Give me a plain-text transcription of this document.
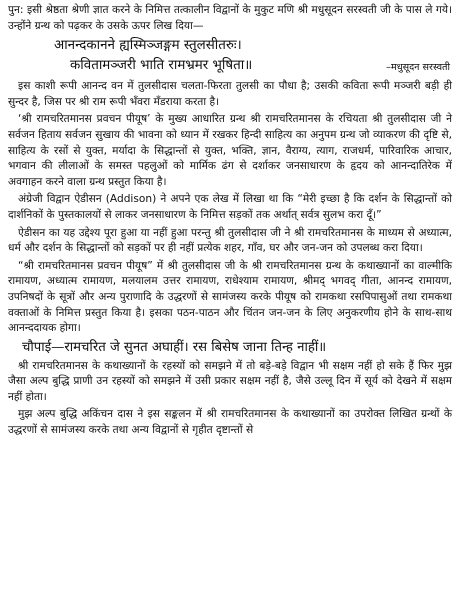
पुन: इसी श्रेष्ठता श्रेणी ज्ञात करने के निमित्त तत्कालीन विद्वानों के मुकुट मणि श्री मधुसूदन सरस्वती जी के पास ले गये। उन्होंने ग्रन्थ को पढ़कर के उसके ऊपर लिख दिया—

आनन्दकानने ह्यस्मिञ्जङ्गम स्तुलसीतरुः।
कवितामञ्जरी भाति रामभ्रमर भूषिता॥	–मधुसूदन सरस्वती

इस काशी रूपी आनन्द वन में तुलसीदास चलता-फिरता तुलसी का पौधा है; उसकी कविता रूपी मञ्जरी बड़ी ही सुन्दर है, जिस पर श्री राम रूपी भँवरा मँडराया करता है।

‘श्री रामचरितमानस प्रवचन पीयूष’ के मुख्य आधारित ग्रन्थ श्री रामचरितमानस के रचियता श्री तुलसीदास जी ने सर्वजन हिताय सर्वजन सुखाय की भावना को ध्यान में रखकर हिन्दी साहित्य का अनुपम ग्रन्थ जो व्याकरण की दृष्टि से, साहित्य के रसों से युक्त, मर्यादा के सिद्धान्तों से युक्त, भक्ति, ज्ञान, वैराग्य, त्याग, राजधर्म, पारिवारिक आचार, भगवान की लीलाओं के समस्त पहलुओं को मार्मिक ढंग से दर्शाकर जनसाधारण के हृदय को आनन्दातिरेक में अवगाहन करने वाला ग्रन्थ प्रस्तुत किया है।

अंग्रेजी विद्वान ऐडीसन (Addison) ने अपने एक लेख में लिखा था कि “मेरी इच्छा है कि दर्शन के सिद्धान्तों को दार्शनिकों के पुस्तकालयों से लाकर जनसाधारण के निमित्त सड़कों तक अर्थात् सर्वत्र सुलभ करा दूँ।”

ऐडीसन का यह उद्देश्य पूरा हुआ या नहीं हुआ परन्तु श्री तुलसीदास जी ने श्री रामचरितमानस के माध्यम से अध्यात्म, धर्म और दर्शन के सिद्धान्तों को सड़कों पर ही नहीं प्रत्येक शहर, गाँव, घर और जन-जन को उपलब्ध करा दिया।

“श्री रामचरितमानस प्रवचन पीयूष” में श्री तुलसीदास जी के श्री रामचरितमानस ग्रन्थ के कथाख्यानों का वाल्मीकि रामायण, अध्यात्म रामायण, मलयालम उत्तर रामायण, राधेश्याम रामायण, श्रीमद् भगवद् गीता, आनन्द रामायण, उपनिषदों के सूत्रों और अन्य पुराणादि के उद्धरणों से सामंजस्य करके पीयूष को रामकथा रसपिपासुओं तथा रामकथा वक्ताओं के निमित्त प्रस्तुत किया है। इसका पठन-पाठन और चिंतन जन-जन के लिए अनुकरणीय होने के साथ-साथ आनन्ददायक होगा।

चौपाई—रामचरित जे सुनत अघाहीं। रस बिसेष जाना तिन्ह नाहीं॥

श्री रामचरितमानस के कथाख्यानों के रहस्यों को समझने में तो बड़े-बड़े विद्वान भी सक्षम नहीं हो सके हैं फिर मुझ जैसा अल्प बुद्धि प्राणी उन रहस्यों को समझने में उसी प्रकार सक्षम नहीं है, जैसे उल्लू दिन में सूर्य को देखने में सक्षम नहीं होता।

मुझ अल्प बुद्धि अकिंचन दास ने इस सङ्कलन में श्री रामचरितमानस के कथाख्यानों का उपरोक्त लिखित ग्रन्थों के उद्धरणों से सामंजस्य करके तथा अन्य विद्वानों से गृहीत दृष्टान्तों से
